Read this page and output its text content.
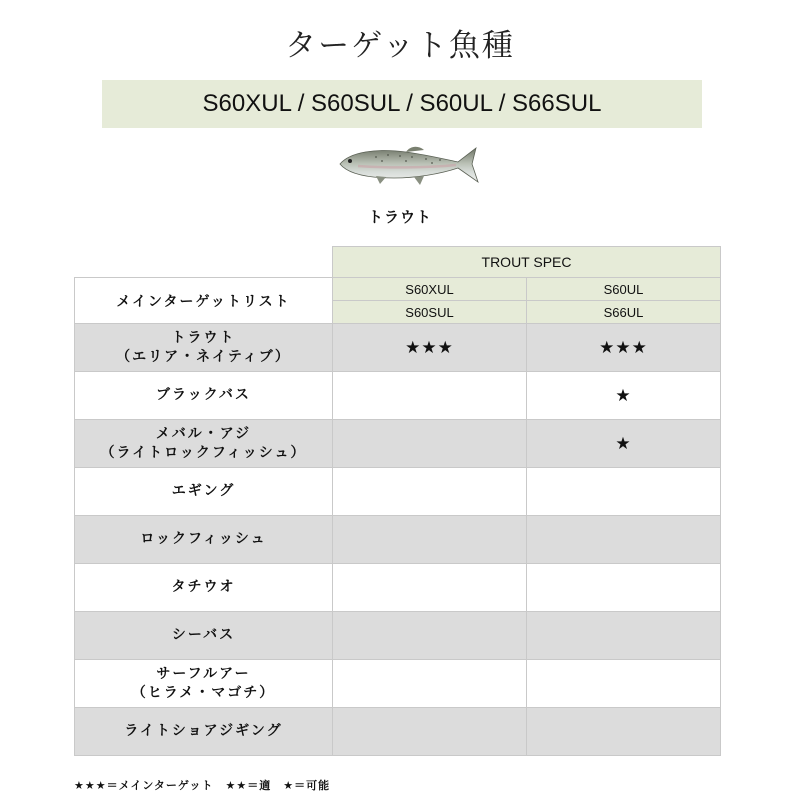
ターゲット魚種
S60XUL / S60SUL / S60UL / S66SUL
トラウト
	TROUT SPEC	
メインターゲットリスト	S60XUL	S60UL
	S60SUL	S66UL

トラウト
（エリア・ネイティブ）	★★★	★★★

ブラックバス		★

メバル・アジ
（ライトロックフィッシュ）		★

エギング		

ロックフィッシュ		

タチウオ		

シーバス		

サーフルアー
（ヒラメ・マゴチ）		

ライトショアジギング		

★★★＝メインターゲット　★★＝適　★＝可能
